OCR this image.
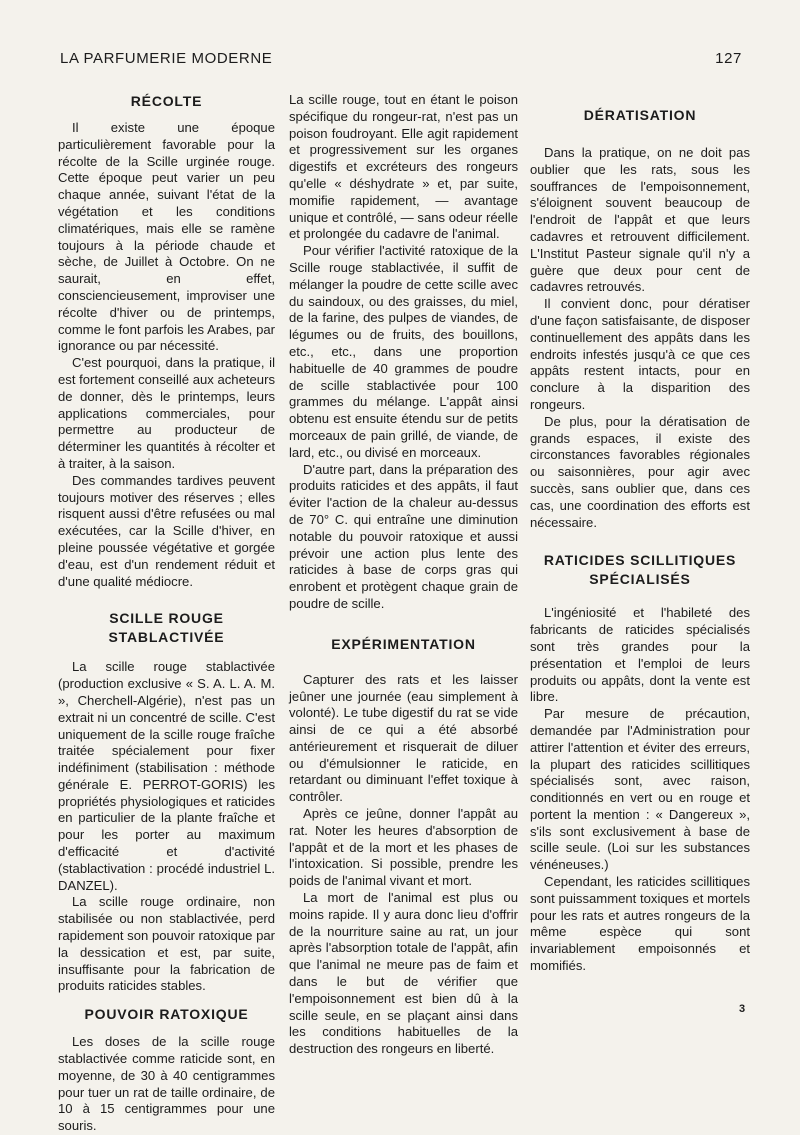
LA PARFUMERIE MODERNE	127
RÉCOLTE

Il existe une époque particulièrement favorable pour la récolte de la Scille urginée rouge. Cette époque peut varier un peu chaque année, suivant l'état de la végétation et les conditions climatériques, mais elle se ramène toujours à la période chaude et sèche, de Juillet à Octobre. On ne saurait, en effet, consciencieusement, improviser une récolte d'hiver ou de printemps, comme le font parfois les Arabes, par ignorance ou par nécessité.

C'est pourquoi, dans la pratique, il est fortement conseillé aux acheteurs de donner, dès le printemps, leurs applications commerciales, pour permettre au producteur de déterminer les quantités à récolter et à traiter, à la saison.

Des commandes tardives peuvent toujours motiver des réserves ; elles risquent aussi d'être refusées ou mal exécutées, car la Scille d'hiver, en pleine poussée végétative et gorgée d'eau, est d'un rendement réduit et d'une qualité médiocre.

SCILLE ROUGE STABLACTIVÉE

La scille rouge stablactivée (production exclusive « S. A. L. A. M. », Cherchell-Algérie), n'est pas un extrait ni un concentré de scille. C'est uniquement de la scille rouge fraîche traitée spécialement pour fixer indéfiniment (stabilisation : méthode générale E. PERROT-GORIS) les propriétés physiologiques et raticides en particulier de la plante fraîche et pour les porter au maximum d'efficacité et d'activité (stablactivation : procédé industriel L. DANZEL).

La scille rouge ordinaire, non stabilisée ou non stablactivée, perd rapidement son pouvoir ratoxique par la dessication et est, par suite, insuffisante pour la fabrication de produits raticides stables.

POUVOIR RATOXIQUE

Les doses de la scille rouge stablactivée comme raticide sont, en moyenne, de 30 à 40 centigrammes pour tuer un rat de taille ordinaire, de 10 à 15 centigrammes pour une souris.

La scille rouge, tout en étant le poison spécifique du rongeur-rat, n'est pas un poison foudroyant. Elle agit rapidement et progressivement sur les organes digestifs et excréteurs des rongeurs qu'elle « déshydrate » et, par suite, momifie rapidement, — avantage unique et contrôlé, — sans odeur réelle et prolongée du cadavre de l'animal.

Pour vérifier l'activité ratoxique de la Scille rouge stablactivée, il suffit de mélanger la poudre de cette scille avec du saindoux, ou des graisses, du miel, de la farine, des pulpes de viandes, de légumes ou de fruits, des bouillons, etc., etc., dans une proportion habituelle de 40 grammes de poudre de scille stablactivée pour 100 grammes du mélange. L'appât ainsi obtenu est ensuite étendu sur de petits morceaux de pain grillé, de viande, de lard, etc., ou divisé en morceaux.

D'autre part, dans la préparation des produits raticides et des appâts, il faut éviter l'action de la chaleur au-dessus de 70° C. qui entraîne une diminution notable du pouvoir ratoxique et aussi prévoir une action plus lente des raticides à base de corps gras qui enrobent et protègent chaque grain de poudre de scille.

EXPÉRIMENTATION

Capturer des rats et les laisser jeûner une journée (eau simplement à volonté). Le tube digestif du rat se vide ainsi de ce qui a été absorbé antérieurement et risquerait de diluer ou d'émulsionner le raticide, en retardant ou diminuant l'effet toxique à contrôler.

Après ce jeûne, donner l'appât au rat. Noter les heures d'absorption de l'appât et de la mort et les phases de l'intoxication. Si possible, prendre les poids de l'animal vivant et mort.

La mort de l'animal est plus ou moins rapide. Il y aura donc lieu d'offrir de la nourriture saine au rat, un jour après l'absorption totale de l'appât, afin que l'animal ne meure pas de faim et dans le but de vérifier que l'empoisonnement est bien dû à la scille seule, en se plaçant ainsi dans les conditions habituelles de la destruction des rongeurs en liberté.

DÉRATISATION

Dans la pratique, on ne doit pas oublier que les rats, sous les souffrances de l'empoisonnement, s'éloignent souvent beaucoup de l'endroit de l'appât et que leurs cadavres et retrouvent difficilement. L'Institut Pasteur signale qu'il n'y a guère que deux pour cent de cadavres retrouvés.

Il convient donc, pour dératiser d'une façon satisfaisante, de disposer continuellement des appâts dans les endroits infestés jusqu'à ce que ces appâts restent intacts, pour en conclure à la disparition des rongeurs.

De plus, pour la dératisation de grands espaces, il existe des circonstances favorables régionales ou saisonnières, pour agir avec succès, sans oublier que, dans ces cas, une coordination des efforts est nécessaire.

RATICIDES SCILLITIQUES SPÉCIALISÉS

L'ingéniosité et l'habileté des fabricants de raticides spécialisés sont très grandes pour la présentation et l'emploi de leurs produits ou appâts, dont la vente est libre.

Par mesure de précaution, demandée par l'Administration pour attirer l'attention et éviter des erreurs, la plupart des raticides scillitiques spécialisés sont, avec raison, conditionnés en vert ou en rouge et portent la mention : « Dangereux », s'ils sont exclusivement à base de scille seule. (Loi sur les substances vénéneuses.)

Cependant, les raticides scillitiques sont puissamment toxiques et mortels pour les rats et autres rongeurs de la même espèce qui sont invariablement empoisonnés et momifiés.

3
